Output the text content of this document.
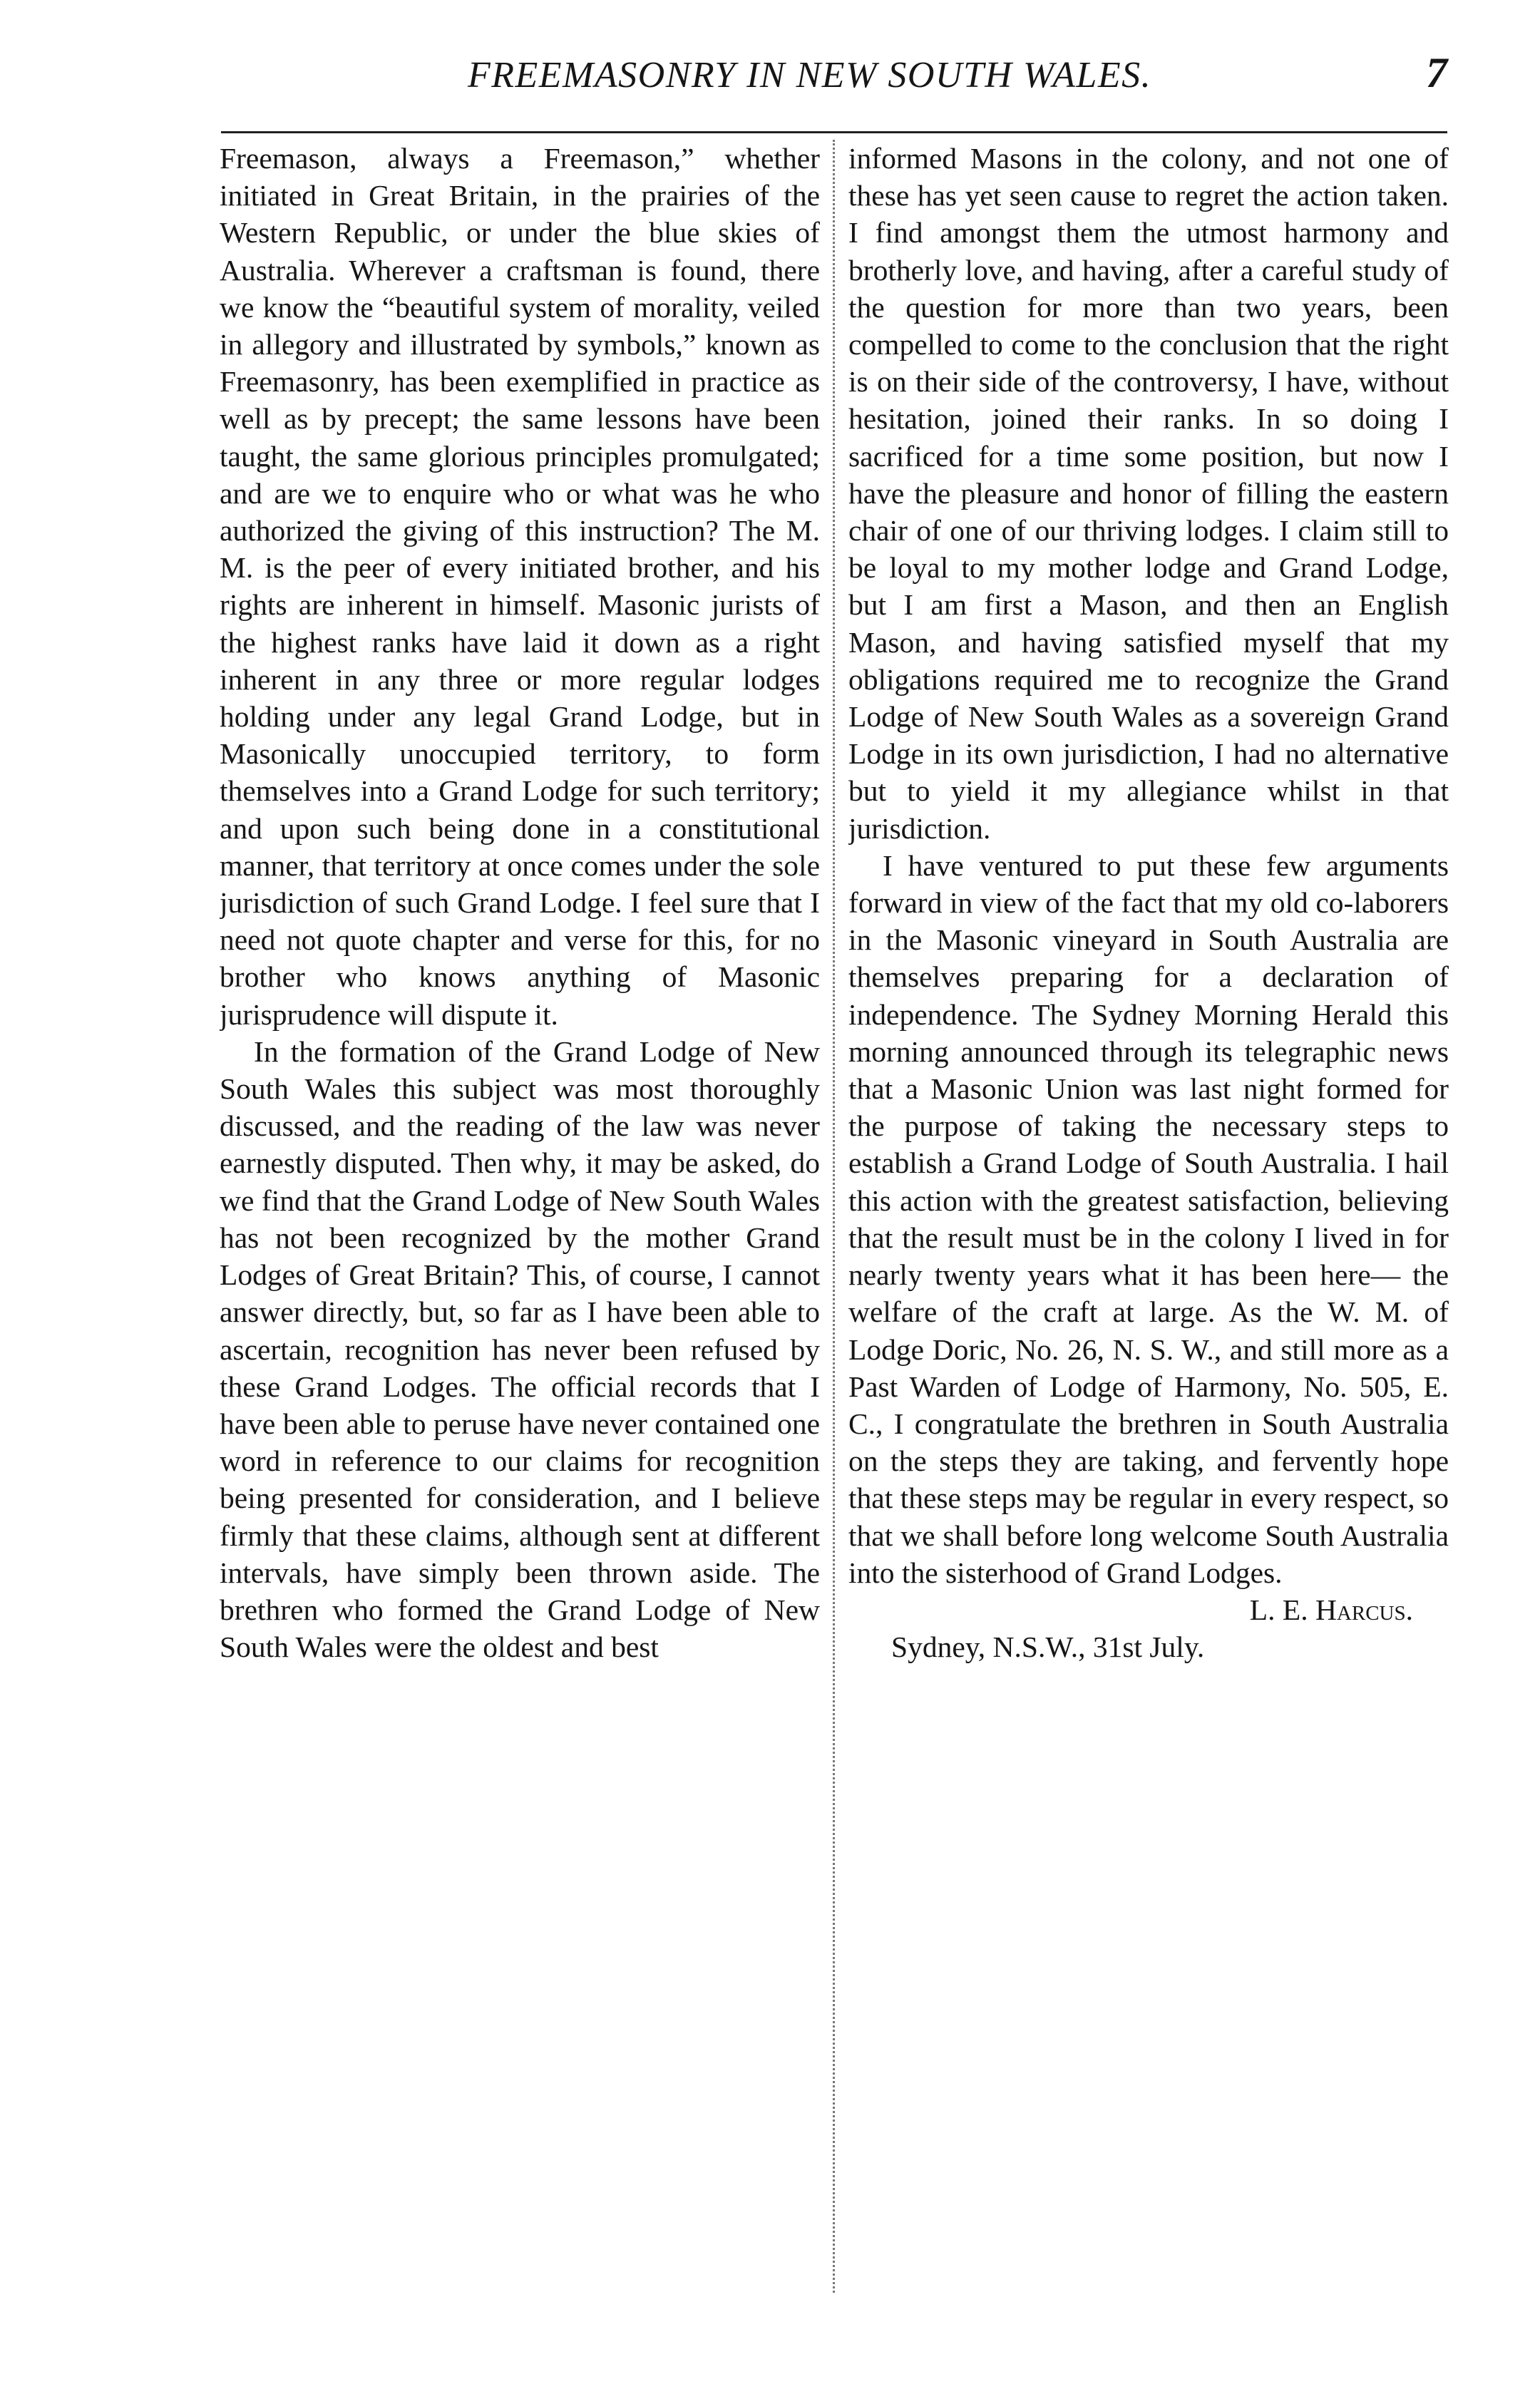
FREEMASONRY IN NEW SOUTH WALES.	7

Freemason, always a Freemason,” whether initiated in Great Britain, in the prairies of the Western Republic, or under the blue skies of Australia. Wherever a craftsman is found, there we know the “beautiful system of morality, veiled in allegory and illustrated by symbols,” known as Freemasonry, has been exemplified in practice as well as by precept; the same lessons have been taught, the same glorious principles promulgated; and are we to enquire who or what was he who authorized the giving of this instruction? The M. M. is the peer of every initiated brother, and his rights are inherent in himself. Masonic jurists of the highest ranks have laid it down as a right inherent in any three or more regular lodges holding under any legal Grand Lodge, but in Masonically unoccupied territory, to form themselves into a Grand Lodge for such territory; and upon such being done in a constitutional manner, that territory at once comes under the sole jurisdiction of such Grand Lodge. I feel sure that I need not quote chapter and verse for this, for no brother who knows anything of Masonic jurisprudence will dispute it.

In the formation of the Grand Lodge of New South Wales this subject was most thoroughly discussed, and the reading of the law was never earnestly disputed. Then why, it may be asked, do we find that the Grand Lodge of New South Wales has not been recognized by the mother Grand Lodges of Great Britain? This, of course, I cannot answer directly, but, so far as I have been able to ascertain, recognition has never been refused by these Grand Lodges. The official records that I have been able to peruse have never contained one word in reference to our claims for recognition being presented for consideration, and I believe firmly that these claims, although sent at different intervals, have simply been thrown aside. The brethren who formed the Grand Lodge of New South Wales were the oldest and best

informed Masons in the colony, and not one of these has yet seen cause to regret the action taken. I find amongst them the utmost harmony and brotherly love, and having, after a careful study of the question for more than two years, been compelled to come to the conclusion that the right is on their side of the controversy, I have, without hesitation, joined their ranks. In so doing I sacrificed for a time some position, but now I have the pleasure and honor of filling the eastern chair of one of our thriving lodges. I claim still to be loyal to my mother lodge and Grand Lodge, but I am first a Mason, and then an English Mason, and having satisfied myself that my obligations required me to recognize the Grand Lodge of New South Wales as a sovereign Grand Lodge in its own jurisdiction, I had no alternative but to yield it my allegiance whilst in that jurisdiction.

I have ventured to put these few arguments forward in view of the fact that my old co-laborers in the Masonic vineyard in South Australia are themselves preparing for a declaration of independence. The Sydney Morning Herald this morning announced through its telegraphic news that a Masonic Union was last night formed for the purpose of taking the necessary steps to establish a Grand Lodge of South Australia. I hail this action with the greatest satisfaction, believing that the result must be in the colony I lived in for nearly twenty years what it has been here— the welfare of the craft at large. As the W. M. of Lodge Doric, No. 26, N. S. W., and still more as a Past Warden of Lodge of Harmony, No. 505, E. C., I congratulate the brethren in South Australia on the steps they are taking, and fervently hope that these steps may be regular in every respect, so that we shall before long welcome South Australia into the sisterhood of Grand Lodges.

L. E. Harcus.

Sydney, N.S.W., 31st July.
